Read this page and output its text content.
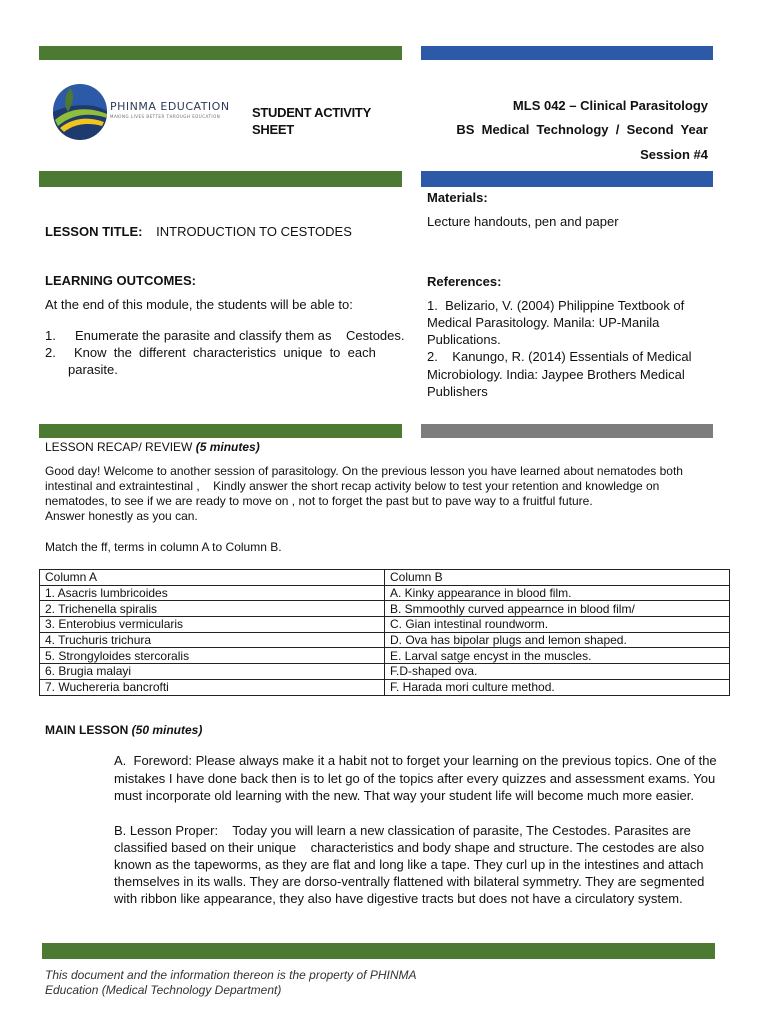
PHINMA EDUCATION
MAKING LIVES BETTER THROUGH EDUCATION STUDENT ACTIVITY
SHEET
MLS 042 – Clinical Parasitology
BS  Medical  Technology  /  Second  Year
Session #4
Materials:
Lecture handouts, pen and paper
LESSON TITLE: INTRODUCTION TO CESTODES
LEARNING OUTCOMES:
At the end of this module, the students will be able to:
1. Enumerate the parasite and classify them as    Cestodes.
2. Know  the  different  characteristics  unique  to  each
parasite.
References:
1.  Belizario, V. (2004) Philippine Textbook of
Medical Parasitology. Manila: UP-Manila
Publications.
2.    Kanungo, R. (2014) Essentials of Medical
Microbiology. India: Jaypee Brothers Medical
Publishers
LESSON RECAP/ REVIEW (5 minutes)
Good day! Welcome to another session of parasitology. On the previous lesson you have learned about nematodes both
intestinal and extraintestinal ,    Kindly answer the short recap activity below to test your retention and knowledge on
nematodes, to see if we are ready to move on , not to forget the past but to pave way to a fruitful future.
Answer honestly as you can.
Match the ff, terms in column A to Column B.
Column A	Column B
1. Asacris lumbricoides	A. Kinky appearance in blood film.
2. Trichenella spiralis	B. Smmoothly curved appearnce in blood film/
3. Enterobius vermicularis	C. Gian intestinal roundworm.
4. Truchuris trichura	D. Ova has bipolar plugs and lemon shaped.
5. Strongyloides stercoralis	E. Larval satge encyst in the muscles.
6. Brugia malayi	F.D-shaped ova.
7. Wuchereria bancrofti	F. Harada mori culture method.
MAIN LESSON (50 minutes)
A.  Foreword: Please always make it a habit not to forget your learning on the previous topics. One of the
mistakes I have done back then is to let go of the topics after every quizzes and assessment exams. You
must incorporate old learning with the new. That way your student life will become much more easier.
B. Lesson Proper:    Today you will learn a new classication of parasite, The Cestodes. Parasites are
classified based on their unique    characteristics and body shape and structure. The cestodes are also
known as the tapeworms, as they are flat and long like a tape. They curl up in the intestines and attach
themselves in its walls. They are dorso-ventrally flattened with bilateral symmetry. They are segmented
with ribbon like appearance, they also have digestive tracts but does not have a circulatory system.
This document and the information thereon is the property of PHINMA
Education (Medical Technology Department)
